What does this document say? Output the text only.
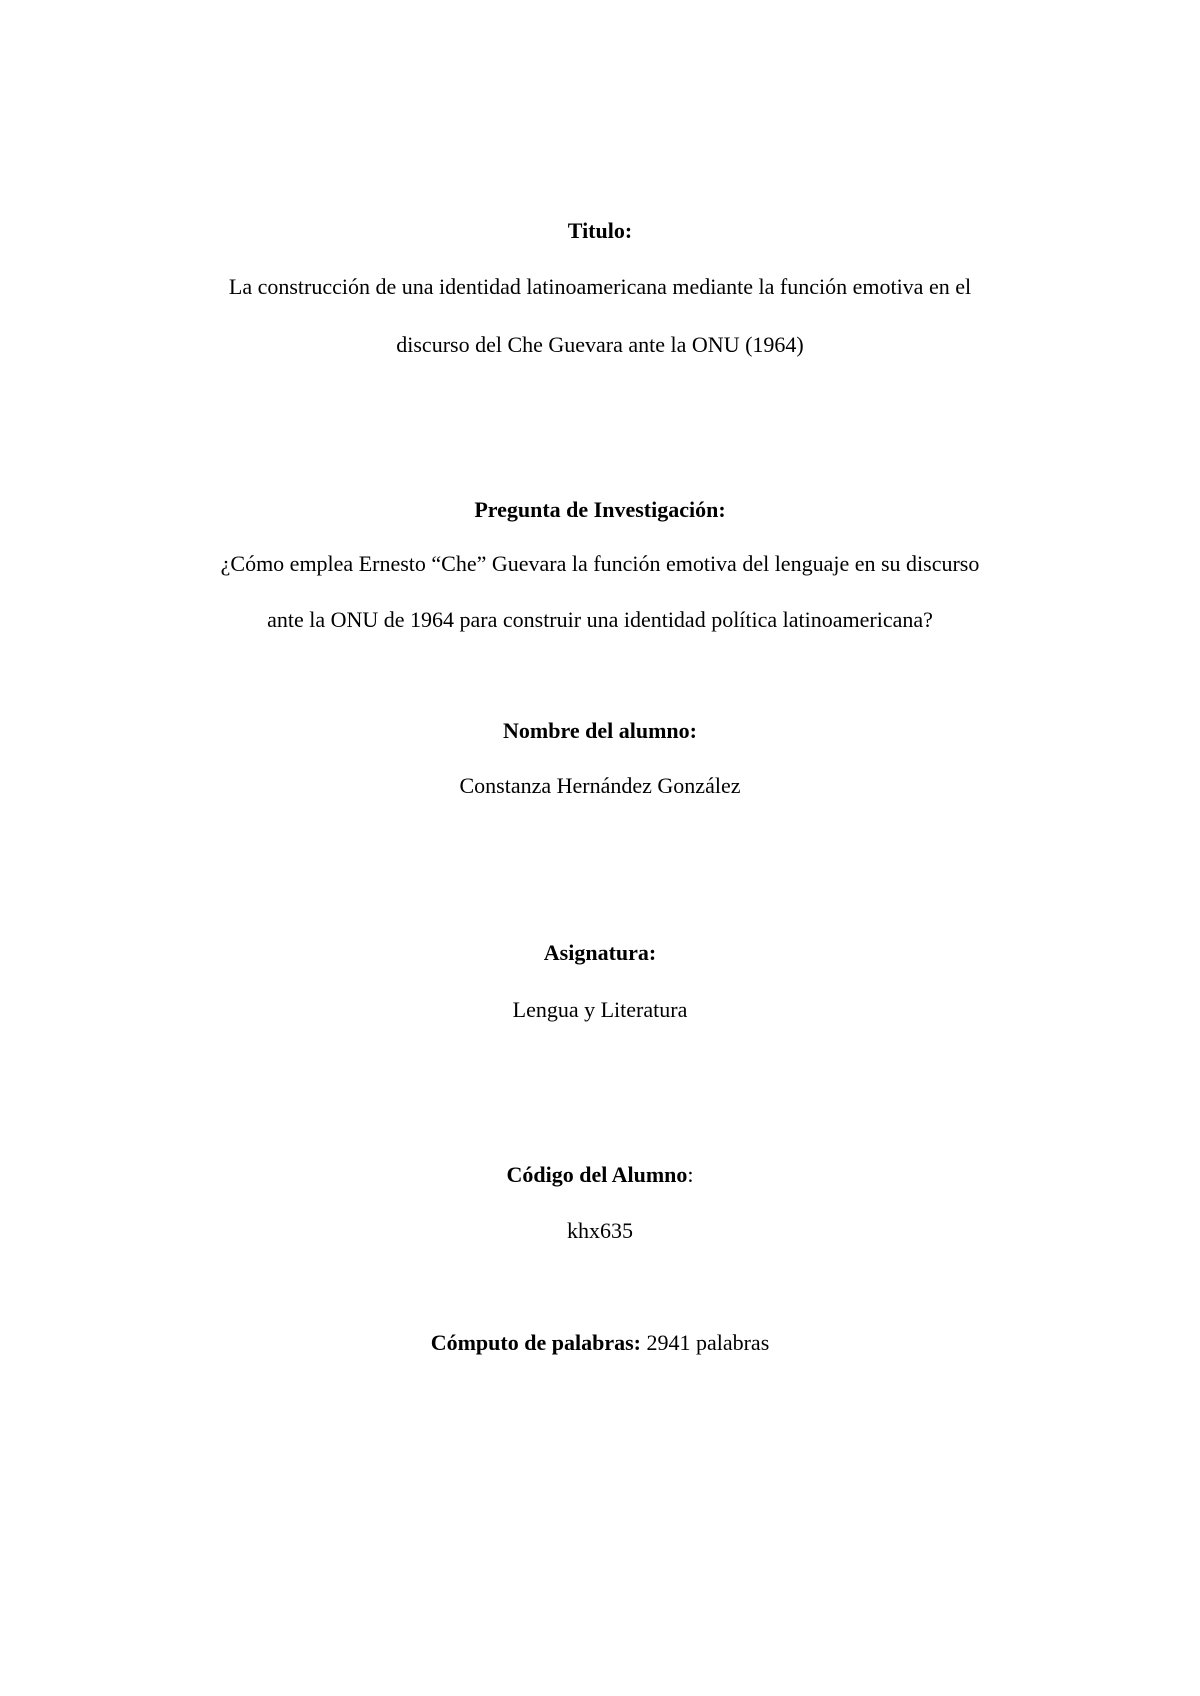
Titulo:
La construcción de una identidad latinoamericana mediante la función emotiva en el
discurso del Che Guevara ante la ONU (1964)
Pregunta de Investigación:
¿Cómo emplea Ernesto “Che” Guevara la función emotiva del lenguaje en su discurso
ante la ONU de 1964 para construir una identidad política latinoamericana?
Nombre del alumno:
Constanza Hernández González
Asignatura:
Lengua y Literatura
Código del Alumno:
khx635
Cómputo de palabras: 2941 palabras
